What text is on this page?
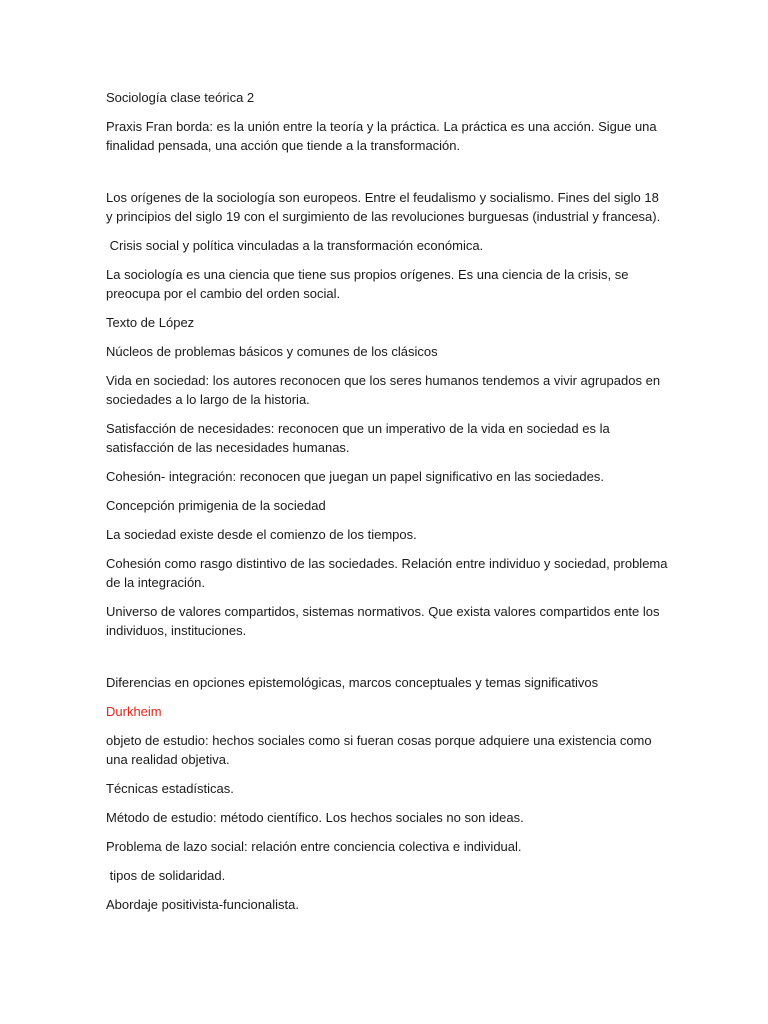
Sociología clase teórica 2

Praxis Fran borda: es la unión entre la teoría y la práctica. La práctica es una acción. Sigue una finalidad pensada, una acción que tiende a la transformación.

Los orígenes de la sociología son europeos. Entre el feudalismo y socialismo. Fines del siglo 18 y principios del siglo 19 con el surgimiento de las revoluciones burguesas (industrial y francesa).

Crisis social y política vinculadas a la transformación económica.

La sociología es una ciencia que tiene sus propios orígenes. Es una ciencia de la crisis, se preocupa por el cambio del orden social.

Texto de López

Núcleos de problemas básicos y comunes de los clásicos

Vida en sociedad: los autores reconocen que los seres humanos tendemos a vivir agrupados en sociedades a lo largo de la historia.

Satisfacción de necesidades: reconocen que un imperativo de la vida en sociedad es la satisfacción de las necesidades humanas.

Cohesión- integración: reconocen que juegan un papel significativo en las sociedades.

Concepción primigenia de la sociedad

La sociedad existe desde el comienzo de los tiempos.

Cohesión como rasgo distintivo de las sociedades. Relación entre individuo y sociedad, problema de la integración.

Universo de valores compartidos, sistemas normativos. Que exista valores compartidos ente los individuos, instituciones.

Diferencias en opciones epistemológicas, marcos conceptuales y temas significativos

Durkheim

objeto de estudio: hechos sociales como si fueran cosas porque adquiere una existencia como una realidad objetiva.

Técnicas estadísticas.

Método de estudio: método científico. Los hechos sociales no son ideas.

Problema de lazo social: relación entre conciencia colectiva e individual.

tipos de solidaridad.

Abordaje positivista-funcionalista.
